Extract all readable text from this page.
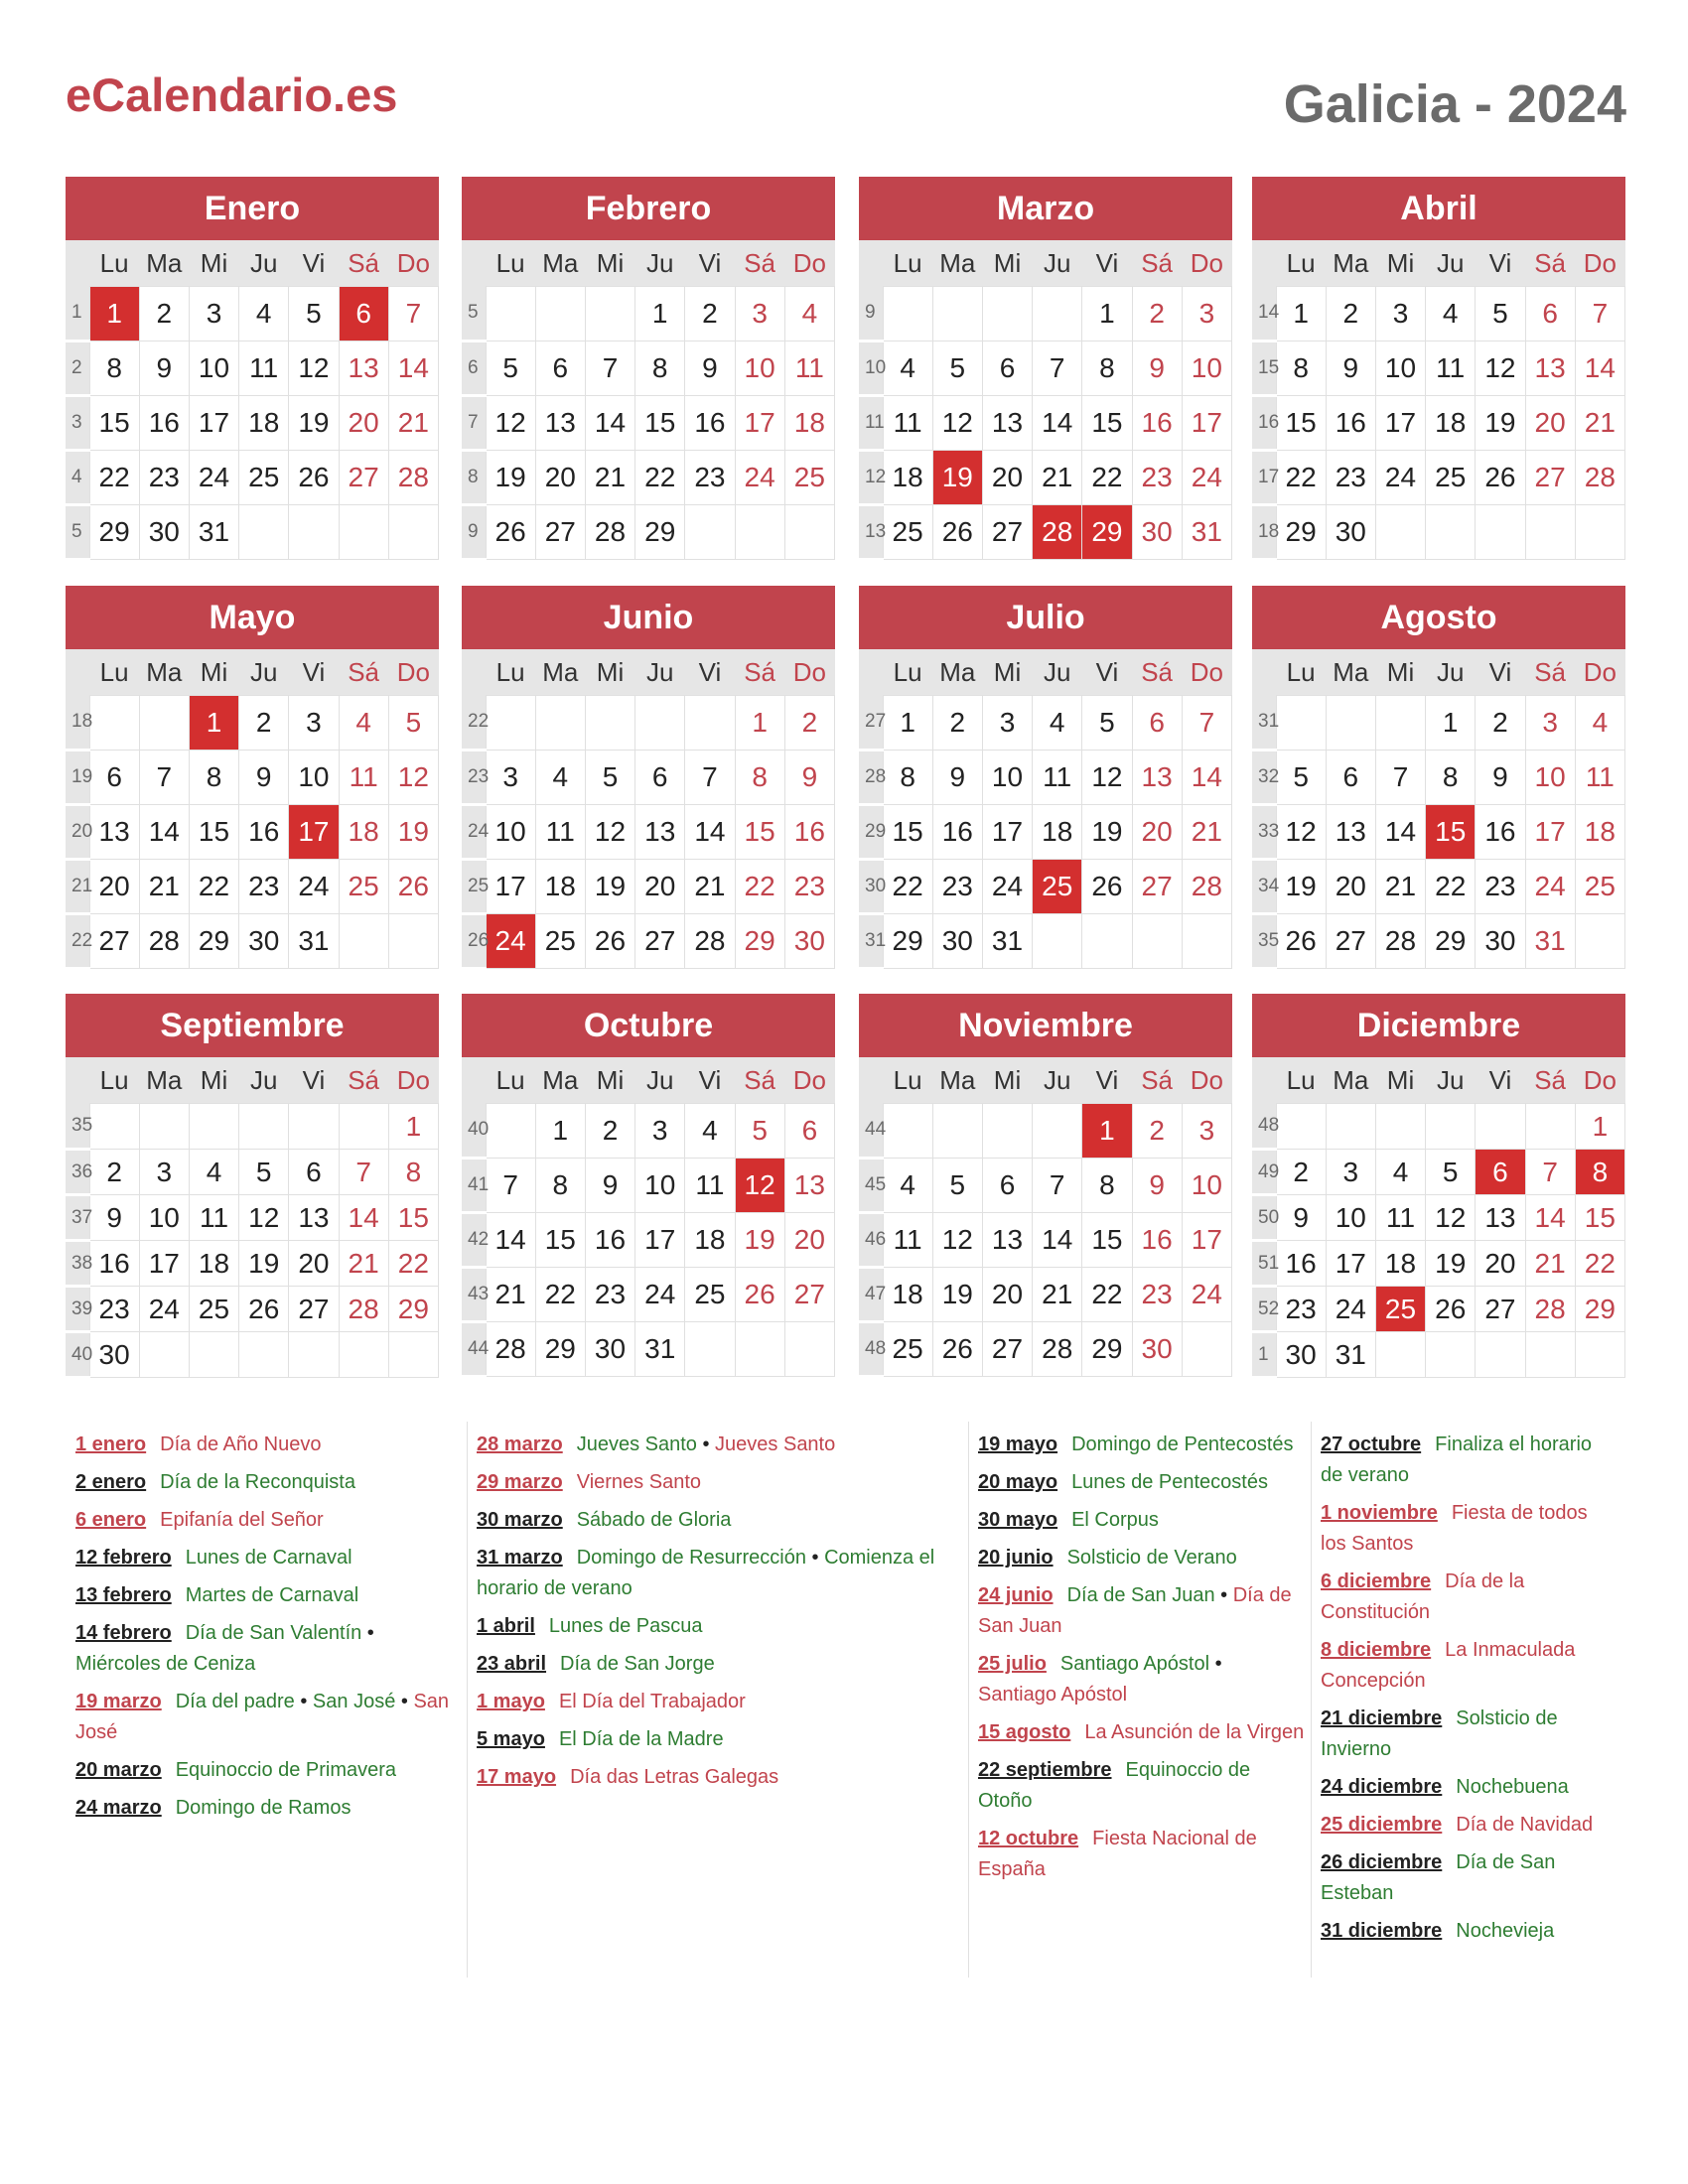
eCalendario.es	Galicia - 2024
Enero
	Lu	Ma	Mi	Ju	Vi	Sá	Do
1	1	2	3	4	5	6	7
2	8	9	10	11	12	13	14
3	15	16	17	18	19	20	21
4	22	23	24	25	26	27	28
5	29	30	31				
Febrero
	Lu	Ma	Mi	Ju	Vi	Sá	Do
5				1	2	3	4
6	5	6	7	8	9	10	11
7	12	13	14	15	16	17	18
8	19	20	21	22	23	24	25
9	26	27	28	29			
Marzo
	Lu	Ma	Mi	Ju	Vi	Sá	Do
9					1	2	3
10	4	5	6	7	8	9	10
11	11	12	13	14	15	16	17
12	18	19	20	21	22	23	24
13	25	26	27	28	29	30	31
Abril
	Lu	Ma	Mi	Ju	Vi	Sá	Do
14	1	2	3	4	5	6	7
15	8	9	10	11	12	13	14
16	15	16	17	18	19	20	21
17	22	23	24	25	26	27	28
18	29	30					
Mayo
	Lu	Ma	Mi	Ju	Vi	Sá	Do
18			1	2	3	4	5
19	6	7	8	9	10	11	12
20	13	14	15	16	17	18	19
21	20	21	22	23	24	25	26
22	27	28	29	30	31		
Junio
	Lu	Ma	Mi	Ju	Vi	Sá	Do
22						1	2
23	3	4	5	6	7	8	9
24	10	11	12	13	14	15	16
25	17	18	19	20	21	22	23
26	24	25	26	27	28	29	30
Julio
	Lu	Ma	Mi	Ju	Vi	Sá	Do
27	1	2	3	4	5	6	7
28	8	9	10	11	12	13	14
29	15	16	17	18	19	20	21
30	22	23	24	25	26	27	28
31	29	30	31				
Agosto
	Lu	Ma	Mi	Ju	Vi	Sá	Do
31				1	2	3	4
32	5	6	7	8	9	10	11
33	12	13	14	15	16	17	18
34	19	20	21	22	23	24	25
35	26	27	28	29	30	31	
Septiembre
	Lu	Ma	Mi	Ju	Vi	Sá	Do
35							1
36	2	3	4	5	6	7	8
37	9	10	11	12	13	14	15
38	16	17	18	19	20	21	22
39	23	24	25	26	27	28	29
40	30						
Octubre
	Lu	Ma	Mi	Ju	Vi	Sá	Do
40		1	2	3	4	5	6
41	7	8	9	10	11	12	13
42	14	15	16	17	18	19	20
43	21	22	23	24	25	26	27
44	28	29	30	31			
Noviembre
	Lu	Ma	Mi	Ju	Vi	Sá	Do
44					1	2	3
45	4	5	6	7	8	9	10
46	11	12	13	14	15	16	17
47	18	19	20	21	22	23	24
48	25	26	27	28	29	30	
Diciembre
	Lu	Ma	Mi	Ju	Vi	Sá	Do
48							1
49	2	3	4	5	6	7	8
50	9	10	11	12	13	14	15
51	16	17	18	19	20	21	22
52	23	24	25	26	27	28	29
1	30	31					
1 enero Día de Año Nuevo
2 enero Día de la Reconquista
6 enero Epifanía del Señor
12 febrero Lunes de Carnaval
13 febrero Martes de Carnaval
14 febrero Día de San Valentín • Miércoles de Ceniza
19 marzo Día del padre • San José • San José
20 marzo Equinoccio de Primavera
24 marzo Domingo de Ramos
28 marzo Jueves Santo • Jueves Santo
29 marzo Viernes Santo
30 marzo Sábado de Gloria
31 marzo Domingo de Resurrección • Comienza el horario de verano
1 abril Lunes de Pascua
23 abril Día de San Jorge
1 mayo El Día del Trabajador
5 mayo El Día de la Madre
17 mayo Día das Letras Galegas
19 mayo Domingo de Pentecostés
20 mayo Lunes de Pentecostés
30 mayo El Corpus
20 junio Solsticio de Verano
24 junio Día de San Juan • Día de San Juan
25 julio Santiago Apóstol • Santiago Apóstol
15 agosto La Asunción de la Virgen
22 septiembre Equinoccio de Otoño
12 octubre Fiesta Nacional de España
27 octubre Finaliza el horario de verano
1 noviembre Fiesta de todos los Santos
6 diciembre Día de la Constitución
8 diciembre La Inmaculada Concepción
21 diciembre Solsticio de Invierno
24 diciembre Nochebuena
25 diciembre Día de Navidad
26 diciembre Día de San Esteban
31 diciembre Nochevieja
